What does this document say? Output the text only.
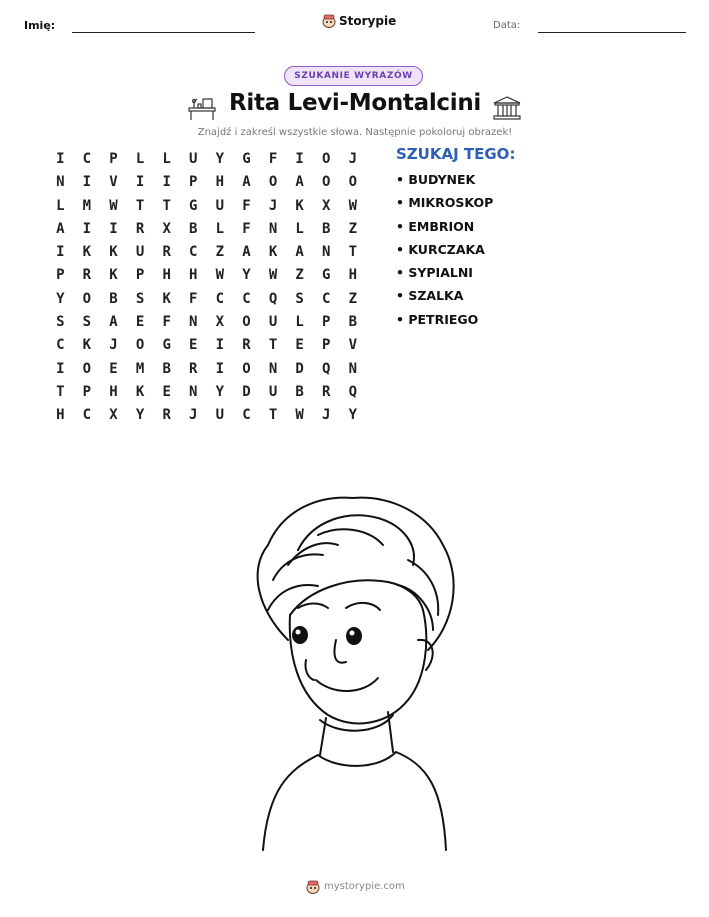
Imię:	Storypie	Data:
SZUKANIE WYRAZÓW
Rita Levi-Montalcini
Znajdź i zakreśl wszystkie słowa. Następnie pokoloruj obrazek!
I	C	P	L	L	U	Y	G	F	I	O	J
N	I	V	I	I	P	H	A	O	A	O	O
L	M	W	T	T	G	U	F	J	K	X	W
A	I	I	R	X	B	L	F	N	L	B	Z
I	K	K	U	R	C	Z	A	K	A	N	T
P	R	K	P	H	H	W	Y	W	Z	G	H
Y	O	B	S	K	F	C	C	Q	S	C	Z
S	S	A	E	F	N	X	O	U	L	P	B
C	K	J	O	G	E	I	R	T	E	P	V
I	O	E	M	B	R	I	O	N	D	Q	N
T	P	H	K	E	N	Y	D	U	B	R	Q
H	C	X	Y	R	J	U	C	T	W	J	Y
SZUKAJ TEGO:
• BUDYNEK
• MIKROSKOP
• EMBRION
• KURCZAKA
• SYPIALNI
• SZALKA
• PETRIEGO
mystorypie.com
